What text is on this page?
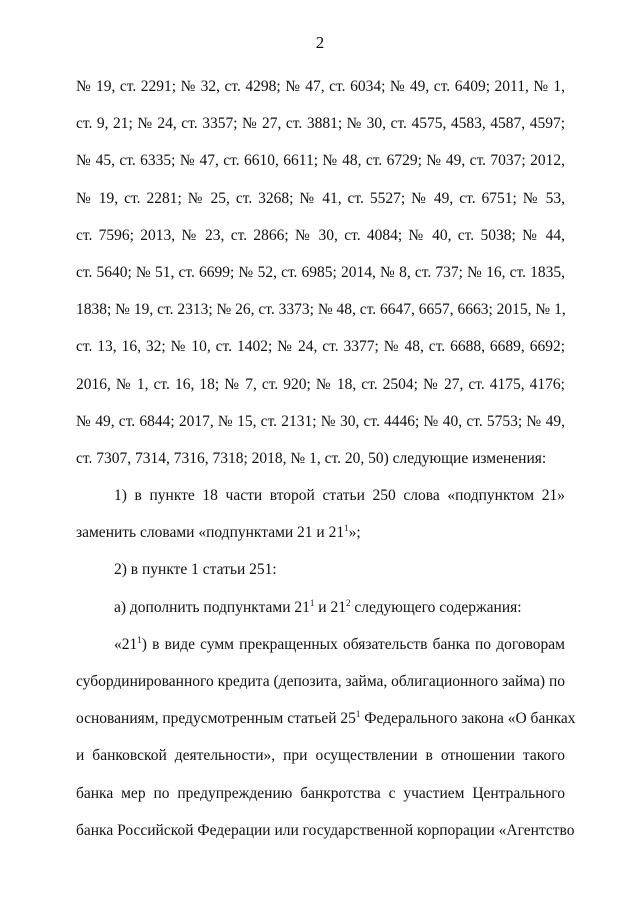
2
№ 19, ст. 2291; № 32, ст. 4298; № 47, ст. 6034; № 49, ст. 6409; 2011, № 1,
ст. 9, 21; № 24, ст. 3357; № 27, ст. 3881; № 30, ст. 4575, 4583, 4587, 4597;
№ 45, ст. 6335; № 47, ст. 6610, 6611; № 48, ст. 6729; № 49, ст. 7037; 2012,
№ 19, ст. 2281; № 25, ст. 3268; № 41, ст. 5527; № 49, ст. 6751; № 53,
ст. 7596; 2013, № 23, ст. 2866; № 30, ст. 4084; № 40, ст. 5038; № 44,
ст. 5640; № 51, ст. 6699; № 52, ст. 6985; 2014, № 8, ст. 737; № 16, ст. 1835,
1838; № 19, ст. 2313; № 26, ст. 3373; № 48, ст. 6647, 6657, 6663; 2015, № 1,
ст. 13, 16, 32; № 10, ст. 1402; № 24, ст. 3377; № 48, ст. 6688, 6689, 6692;
2016, № 1, ст. 16, 18; № 7, ст. 920; № 18, ст. 2504; № 27, ст. 4175, 4176;
№ 49, ст. 6844; 2017, № 15, ст. 2131; № 30, ст. 4446; № 40, ст. 5753; № 49,
ст. 7307, 7314, 7316, 7318; 2018, № 1, ст. 20, 50) следующие изменения:
1) в пункте 18 части второй статьи 250 слова «подпунктом 21»
заменить словами «подпунктами 21 и $21^1$»;
2) в пункте 1 статьи 251:
а) дополнить подпунктами $21^1$ и $21^2$ следующего содержания:
«$21^1$) в виде сумм прекращенных обязательств банка по договорам
субординированного кредита (депозита, займа, облигационного займа) по
основаниям, предусмотренным статьей $25^1$ Федерального закона «О банках
и банковской деятельности», при осуществлении в отношении такого
банка мер по предупреждению банкротства с участием Центрального
банка Российской Федерации или государственной корпорации «Агентство
